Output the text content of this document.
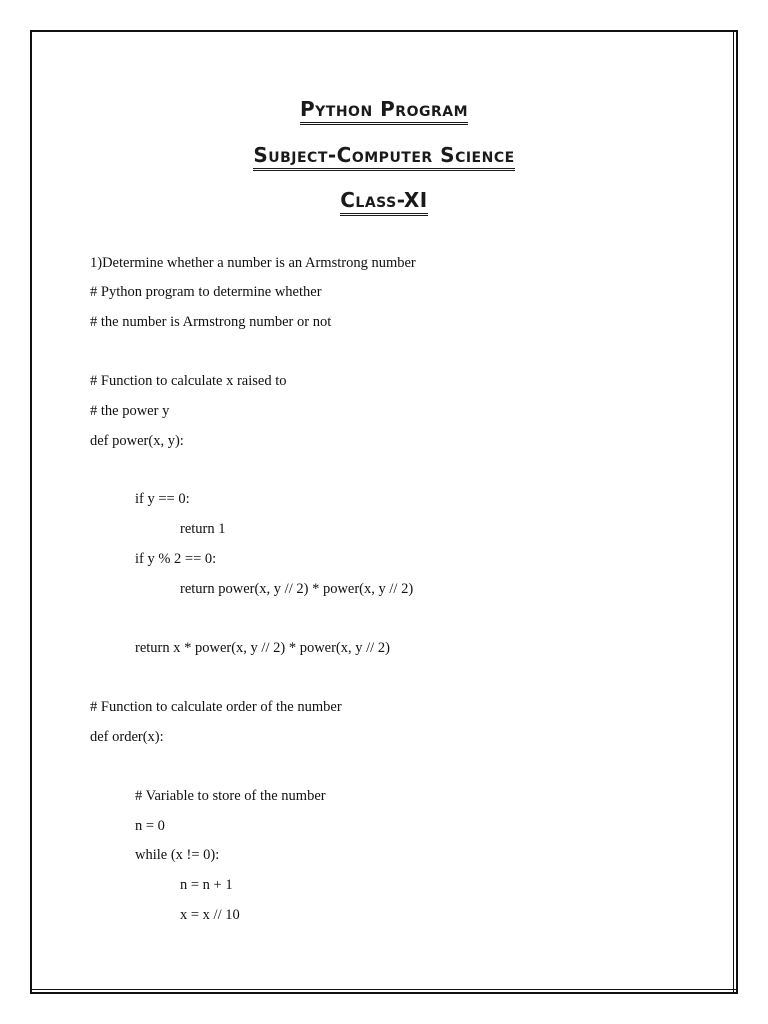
Python Program
Subject-Computer Science
Class-XI
1)Determine whether a number is an Armstrong number
# Python program to determine whether
# the number is Armstrong number or not
# Function to calculate x raised to
# the power y
def power(x, y):
if y == 0:
return 1
if y % 2 == 0:
return power(x, y // 2) * power(x, y // 2)
return x * power(x, y // 2) * power(x, y // 2)
# Function to calculate order of the number
def order(x):
# Variable to store of the number
n = 0
while (x != 0):
n = n + 1
x = x // 10
